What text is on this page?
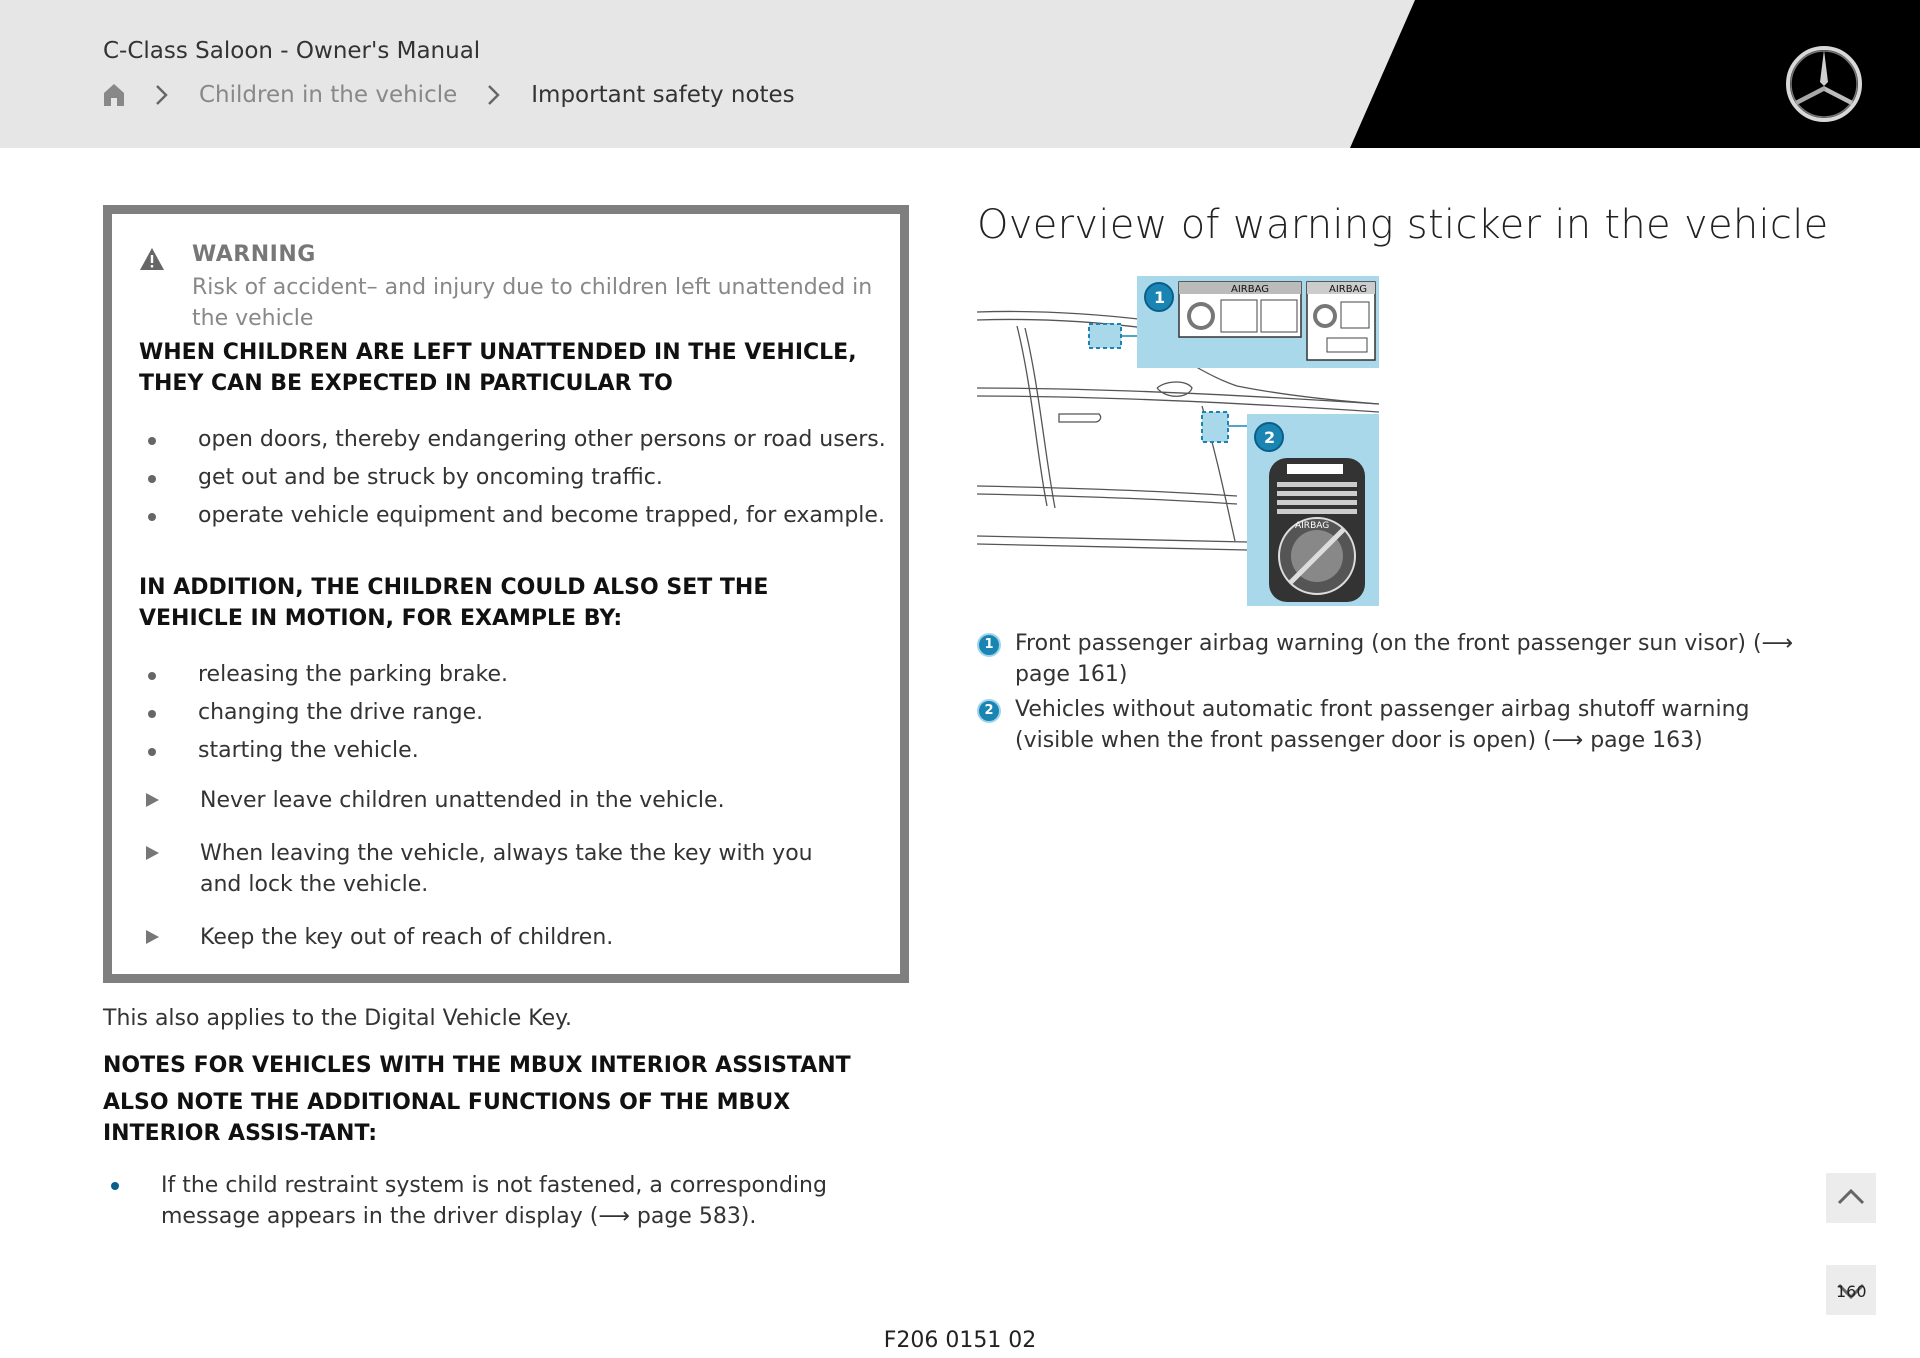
C-Class Saloon - Owner's Manual
Children in the vehicle	Important safety notes
WARNING
Risk of accident– and injury due to children left unattended in the vehicle
WHEN CHILDREN ARE LEFT UNATTENDED IN THE VEHICLE, THEY CAN BE EXPECTED IN PARTICULAR TO
open doors, thereby endangering other persons or road users.
get out and be struck by oncoming traffic.
operate vehicle equipment and become trapped, for example.
IN ADDITION, THE CHILDREN COULD ALSO SET THE VEHICLE IN MOTION, FOR EXAMPLE BY:
releasing the parking brake.
changing the drive range.
starting the vehicle.
Never leave children unattended in the vehicle.
When leaving the vehicle, always take the key with you and lock the vehicle.
Keep the key out of reach of children.
This also applies to the Digital Vehicle Key.
NOTES FOR VEHICLES WITH THE MBUX INTERIOR ASSISTANT
ALSO NOTE THE ADDITIONAL FUNCTIONS OF THE MBUX INTERIOR ASSIS-TANT:
If the child restraint system is not fastened, a corresponding message appears in the driver display (⟶ page 583).
Overview of warning sticker in the vehicle
AIRBAG	AIRBAG
1
2
AIRBAG
1 Front passenger airbag warning (on the front passenger sun visor) (⟶ page 161)
2 Vehicles without automatic front passenger airbag shutoff warning (visible when the front passenger door is open) (⟶ page 163)
160
F206 0151 02
